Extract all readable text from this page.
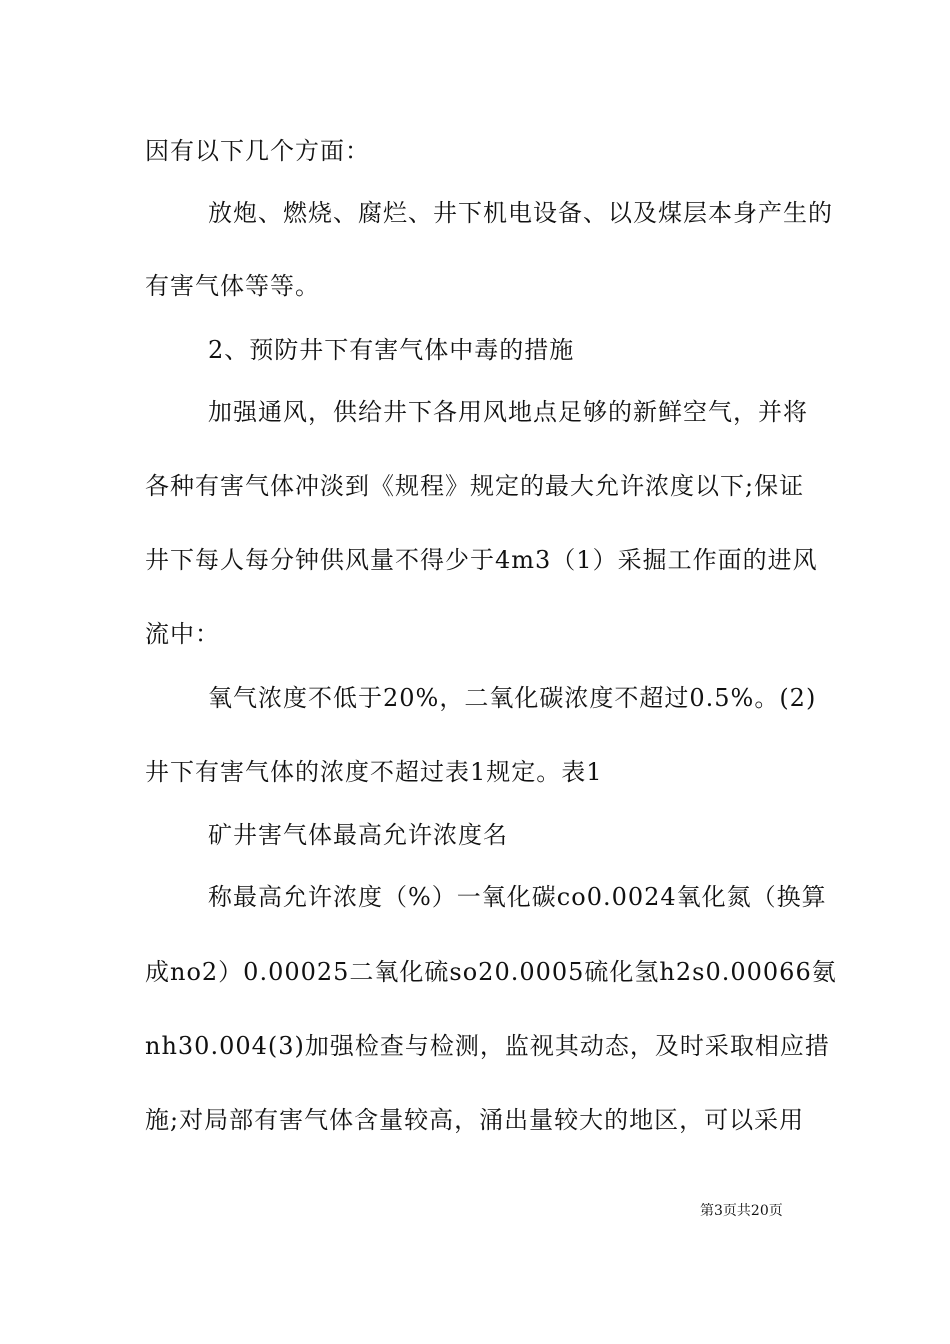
因有以下几个方面：
放炮、燃烧、腐烂、井下机电设备、以及煤层本身产生的
有害气体等等。
2、预防井下有害气体中毒的措施
加强通风，供给井下各用风地点足够的新鲜空气，并将
各种有害气体冲淡到《规程》规定的最大允许浓度以下;保证
井下每人每分钟供风量不得少于4m3（1）采掘工作面的进风
流中：
氧气浓度不低于20%，二氧化碳浓度不超过0.5%。(2)
井下有害气体的浓度不超过表1规定。表1
矿井害气体最高允许浓度名
称最高允许浓度（%）一氧化碳co0.0024氧化氮（换算
成no2）0.00025二氧化硫so20.0005硫化氢h2s0.00066氨
nh30.004(3)加强检查与检测，监视其动态，及时采取相应措
施;对局部有害气体含量较高，涌出量较大的地区，可以采用
第3页共20页
